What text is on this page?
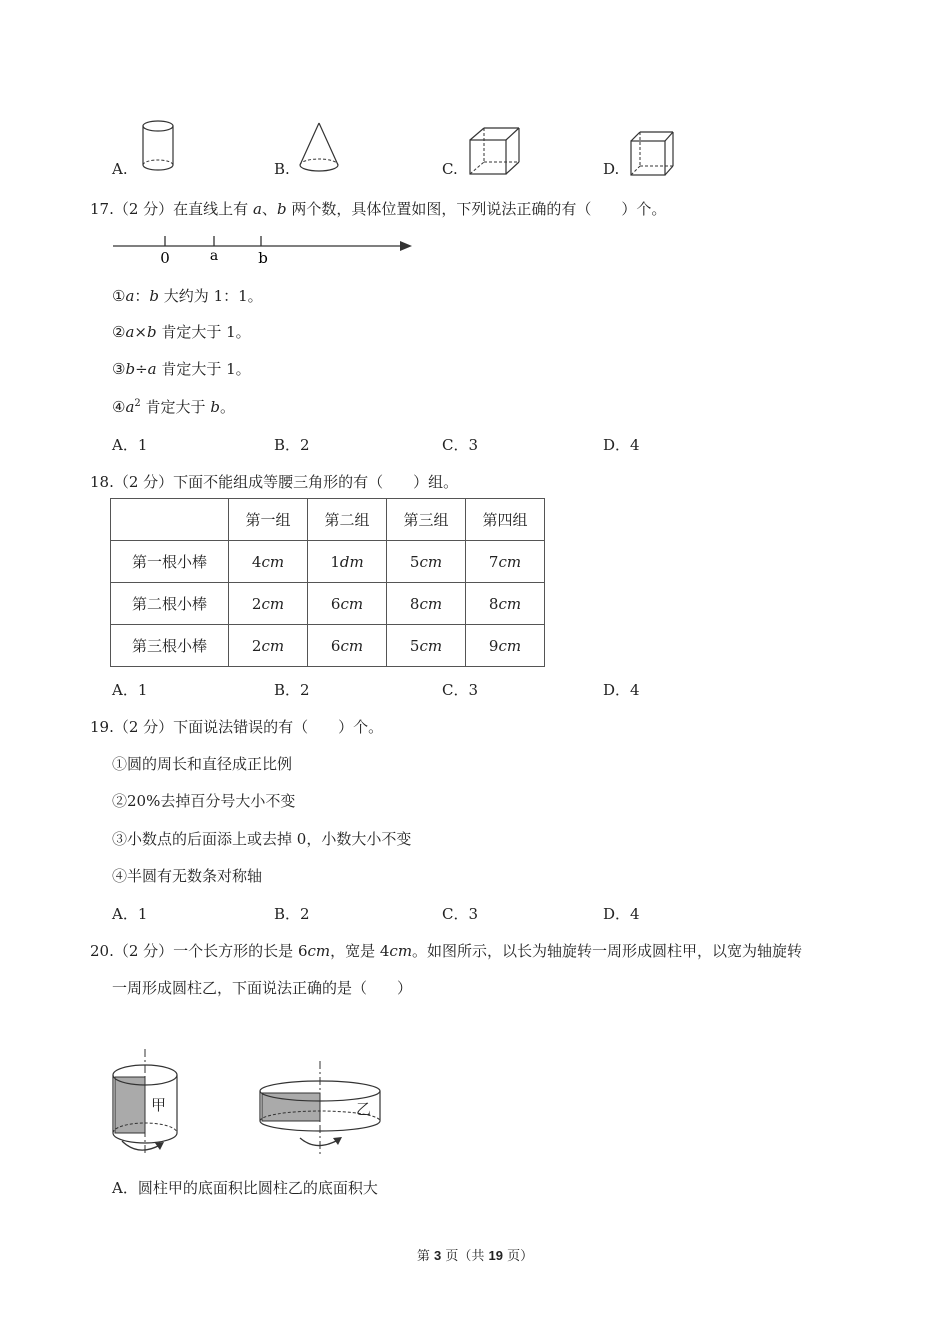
A.	B.	C.	D.
17.（2 分）在直线上有 a、b 两个数，具体位置如图，下列说法正确的有（　　）个。
0	a	b
①a：b 大约为 1：1。
②a×b 肯定大于 1。
③b÷a 肯定大于 1。
$④a^2$ 肯定大于 b。
A．1	B．2	C．3	D．4
18.（2 分）下面不能组成等腰三角形的有（　　）组。
	第一组	第二组	第三组	第四组
第一根小棒	4cm	1dm	5cm	7cm
第二根小棒	2cm	6cm	8cm	8cm
第三根小棒	2cm	6cm	5cm	9cm
A．1	B．2	C．3	D．4
19.（2 分）下面说法错误的有（　　）个。
①圆的周长和直径成正比例
②20%去掉百分号大小不变
③小数点的后面添上或去掉 0，小数大小不变
④半圆有无数条对称轴
A．1	B．2	C．3	D．4
20.（2 分）一个长方形的长是 6cm，宽是 4cm。如图所示，以长为轴旋转一周形成圆柱甲，以宽为轴旋转
一周形成圆柱乙，下面说法正确的是（　　）
甲	乙
A．圆柱甲的底面积比圆柱乙的底面积大
第 3 页（共 19 页）
